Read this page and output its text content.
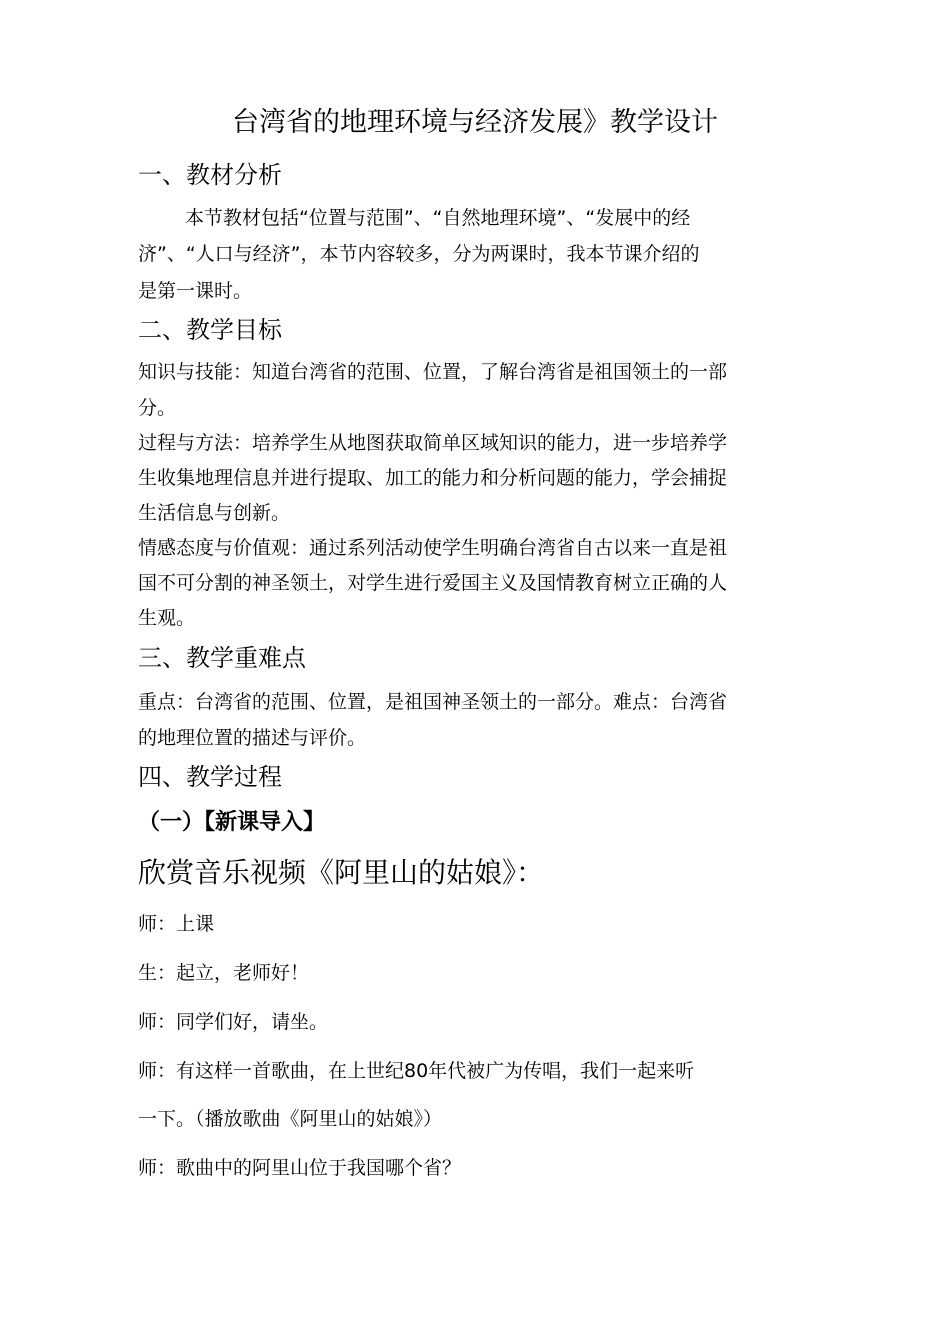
台湾省的地理环境与经济发展》教学设计
一、教材分析

本节教材包括“位置与范围”、“自然地理环境”、“发展中的经

济”、“人口与经济”，本节内容较多，分为两课时，我本节课介绍的

是第一课时。

二、教学目标

知识与技能：知道台湾省的范围、位置，了解台湾省是祖国领土的一部

分。

过程与方法：培养学生从地图获取简单区域知识的能力，进一步培养学

生收集地理信息并进行提取、加工的能力和分析问题的能力，学会捕捉

生活信息与创新。

情感态度与价值观：通过系列活动使学生明确台湾省自古以来一直是祖

国不可分割的神圣领土，对学生进行爱国主义及国情教育树立正确的人

生观。

三、教学重难点

重点：台湾省的范围、位置，是祖国神圣领土的一部分。难点：台湾省

的地理位置的描述与评价。

四、教学过程
（一）【新课导入】

欣赏音乐视频《阿里山的姑娘》：

师：上课

生：起立，老师好！

师：同学们好，请坐。

师：有这样一首歌曲，在上世纪80年代被广为传唱，我们一起来听

一下。（播放歌曲《阿里山的姑娘》）

师：歌曲中的阿里山位于我国哪个省？
